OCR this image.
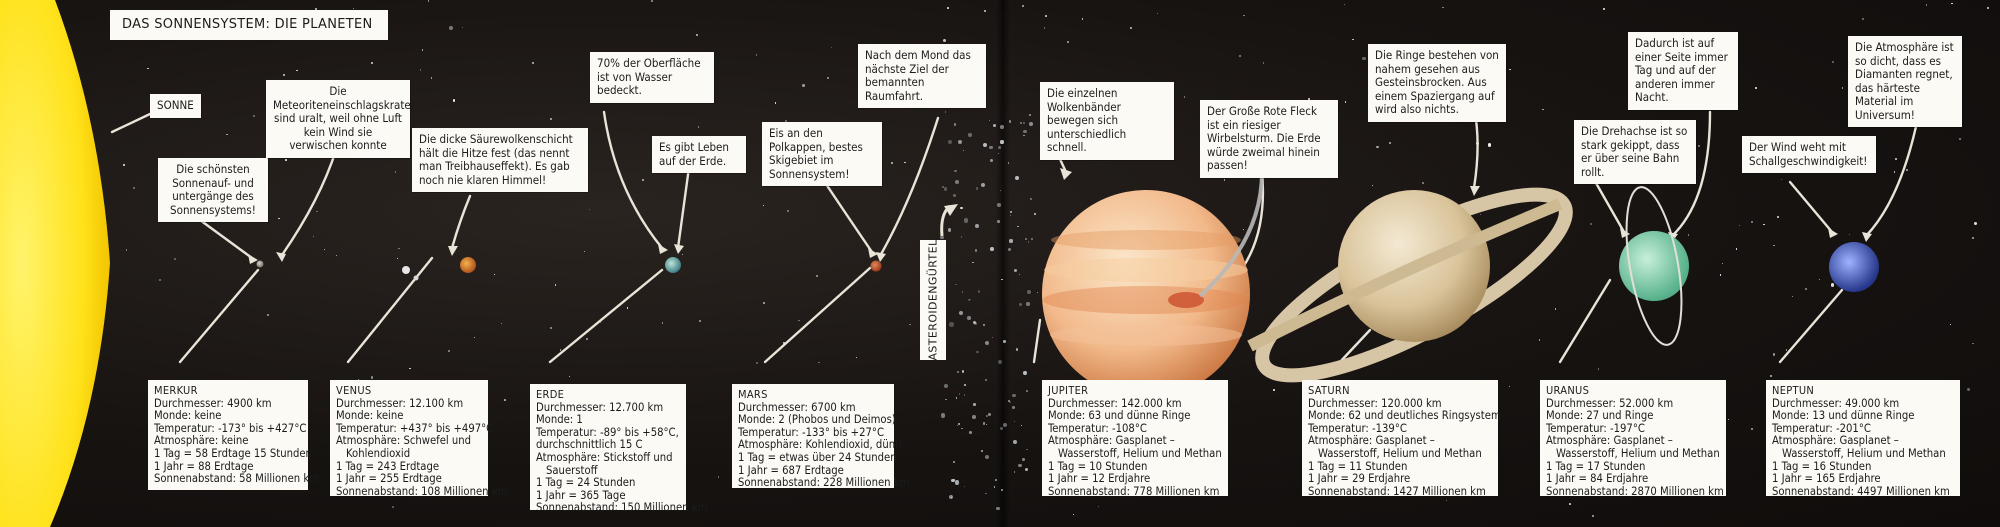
DAS SONNENSYSTEM: DIE PLANETEN
SONNE
Die schönsten Sonnenauf- und untergänge des Sonnensystems!
Die Meteoriteneinschlagskrater sind uralt, weil ohne Luft kein Wind sie verwischen konnte	Die dicke Säurewolkenschicht hält die Hitze fest (das nennt man Treibhauseffekt). Es gab noch nie klaren Himmel!
70% der Oberfläche ist von Wasser bedeckt.
Es gibt Leben auf der Erde.
Nach dem Mond das nächste Ziel der bemannten Raumfahrt.
Eis an den Polkappen, bestes Skigebiet im Sonnensystem!
ASTEROIDENGÜRTEL
Die einzelnen Wolkenbänder bewegen sich unterschiedlich schnell.
Der Große Rote Fleck ist ein riesiger Wirbelsturm. Die Erde würde zweimal hinein passen!
Die Ringe bestehen von nahem gesehen aus Gesteinsbrocken. Aus einem Spaziergang auf wird also nichts.
Dadurch ist auf einer Seite immer Tag und auf der anderen immer Nacht.
Die Drehachse ist so stark gekippt, dass er über seine Bahn rollt.
Die Atmosphäre ist so dicht, dass es Diamanten regnet, das härteste Material im Universum!
Der Wind weht mit Schallgeschwindigkeit!
MERKUR
Durchmesser: 4900 km
Monde: keine
Temperatur: -173° bis +427°C
Atmosphäre: keine
1 Tag = 58 Erdtage 15 Stunden
1 Jahr = 88 Erdtage
Sonnenabstand: 58 Millionen km
VENUS
Durchmesser: 12.100 km
Monde: keine
Temperatur: +437° bis +497°C
Atmosphäre: Schwefel und
Kohlendioxid
1 Tag = 243 Erdtage
1 Jahr = 255 Erdtage
Sonnenabstand: 108 Millionen km
ERDE
Durchmesser: 12.700 km
Monde: 1
Temperatur: -89° bis +58°C,
durchschnittlich 15 C
Atmosphäre: Stickstoff und
Sauerstoff
1 Tag = 24 Stunden
1 Jahr = 365 Tage
Sonnenabstand: 150 Millionen km
MARS
Durchmesser: 6700 km
Monde: 2 (Phobos und Deimos)
Temperatur: -133° bis +27°C
Atmosphäre: Kohlendioxid, dünn
1 Tag = etwas über 24 Stunden
1 Jahr = 687 Erdtage
Sonnenabstand: 228 Millionen km
JUPITER
Durchmesser: 142.000 km
Monde: 63 und dünne Ringe
Temperatur: -108°C
Atmosphäre: Gasplanet –
Wasserstoff, Helium und Methan
1 Tag = 10 Stunden
1 Jahr = 12 Erdjahre
Sonnenabstand: 778 Millionen km
SATURN
Durchmesser: 120.000 km
Monde: 62 und deutliches Ringsystem
Temperatur: -139°C
Atmosphäre: Gasplanet –
Wasserstoff, Helium und Methan
1 Tag = 11 Stunden
1 Jahr = 29 Erdjahre
Sonnenabstand: 1427 Millionen km
URANUS
Durchmesser: 52.000 km
Monde: 27 und Ringe
Temperatur: -197°C
Atmosphäre: Gasplanet –
Wasserstoff, Helium und Methan
1 Tag = 17 Stunden
1 Jahr = 84 Erdjahre
Sonnenabstand: 2870 Millionen km
NEPTUN
Durchmesser: 49.000 km
Monde: 13 und dünne Ringe
Temperatur: -201°C
Atmosphäre: Gasplanet –
Wasserstoff, Helium und Methan
1 Tag = 16 Stunden
1 Jahr = 165 Erdjahre
Sonnenabstand: 4497 Millionen km
